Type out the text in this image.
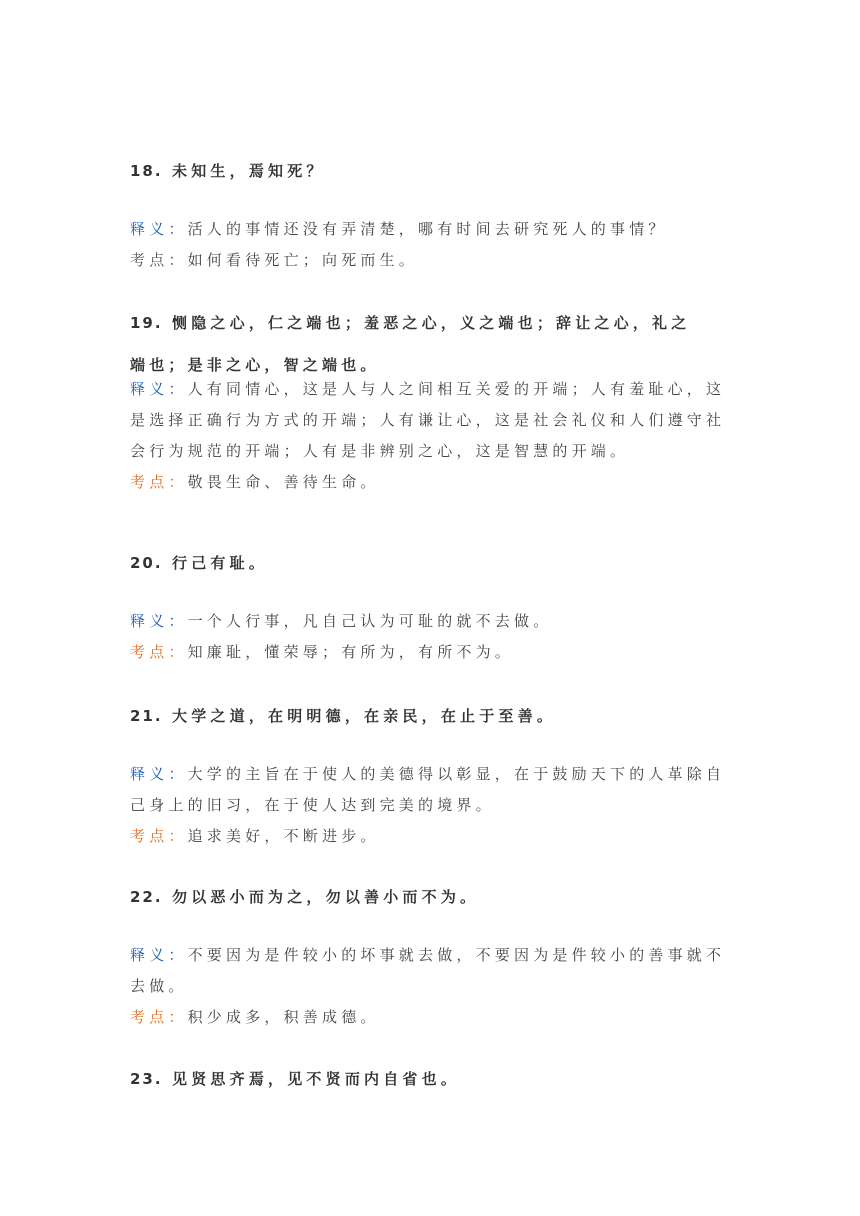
18. 未知生，焉知死？

释义：活人的事情还没有弄清楚，哪有时间去研究死人的事情？

考点：如何看待死亡；向死而生。

19. 恻隐之心，仁之端也；羞恶之心，义之端也；辞让之心，礼之

端也；是非之心，智之端也。

释义：人有同情心，这是人与人之间相互关爱的开端；人有羞耻心，这是选择正确行为方式的开端；人有谦让心，这是社会礼仪和人们遵守社会行为规范的开端；人有是非辨别之心，这是智慧的开端。

考点：敬畏生命、善待生命。

20. 行己有耻。

释义：一个人行事，凡自己认为可耻的就不去做。

考点：知廉耻，懂荣辱；有所为，有所不为。

21. 大学之道，在明明德，在亲民，在止于至善。

释义：大学的主旨在于使人的美德得以彰显，在于鼓励天下的人革除自己身上的旧习，在于使人达到完美的境界。

考点：追求美好，不断进步。

22. 勿以恶小而为之，勿以善小而不为。

释义：不要因为是件较小的坏事就去做，不要因为是件较小的善事就不去做。

考点：积少成多，积善成德。

23. 见贤思齐焉，见不贤而内自省也。
